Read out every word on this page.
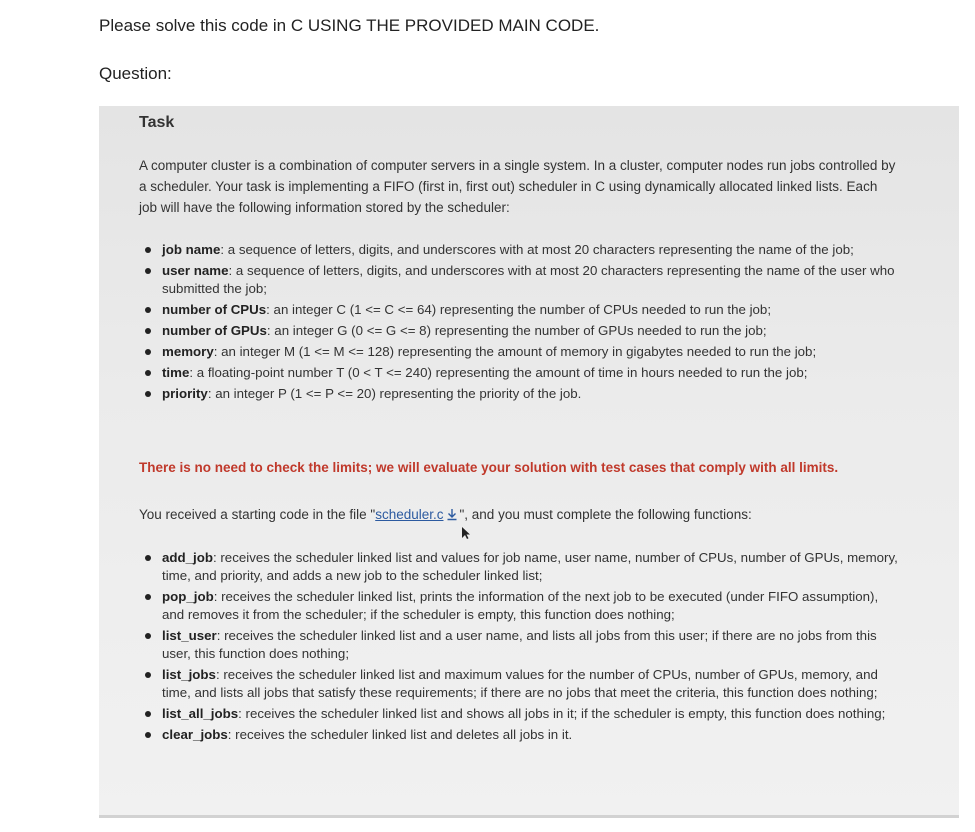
Please solve this code in C USING THE PROVIDED MAIN CODE.

Question:

Task

A computer cluster is a combination of computer servers in a single system. In a cluster, computer nodes run jobs controlled by a scheduler. Your task is implementing a FIFO (first in, first out) scheduler in C using dynamically allocated linked lists. Each job will have the following information stored by the scheduler:

job name: a sequence of letters, digits, and underscores with at most 20 characters representing the name of the job;
user name: a sequence of letters, digits, and underscores with at most 20 characters representing the name of the user who submitted the job;
number of CPUs: an integer C (1 <= C <= 64) representing the number of CPUs needed to run the job;
number of GPUs: an integer G (0 <= G <= 8) representing the number of GPUs needed to run the job;
memory: an integer M (1 <= M <= 128) representing the amount of memory in gigabytes needed to run the job;
time: a floating-point number T (0 < T <= 240) representing the amount of time in hours needed to run the job;
priority: an integer P (1 <= P <= 20) representing the priority of the job.

There is no need to check the limits; we will evaluate your solution with test cases that comply with all limits.

You received a starting code in the file "scheduler.c ", and you must complete the following functions:

add_job: receives the scheduler linked list and values for job name, user name, number of CPUs, number of GPUs, memory, time, and priority, and adds a new job to the scheduler linked list;
pop_job: receives the scheduler linked list, prints the information of the next job to be executed (under FIFO assumption), and removes it from the scheduler; if the scheduler is empty, this function does nothing;
list_user: receives the scheduler linked list and a user name, and lists all jobs from this user; if there are no jobs from this user, this function does nothing;
list_jobs: receives the scheduler linked list and maximum values for the number of CPUs, number of GPUs, memory, and time, and lists all jobs that satisfy these requirements; if there are no jobs that meet the criteria, this function does nothing;
list_all_jobs: receives the scheduler linked list and shows all jobs in it; if the scheduler is empty, this function does nothing;
clear_jobs: receives the scheduler linked list and deletes all jobs in it.
